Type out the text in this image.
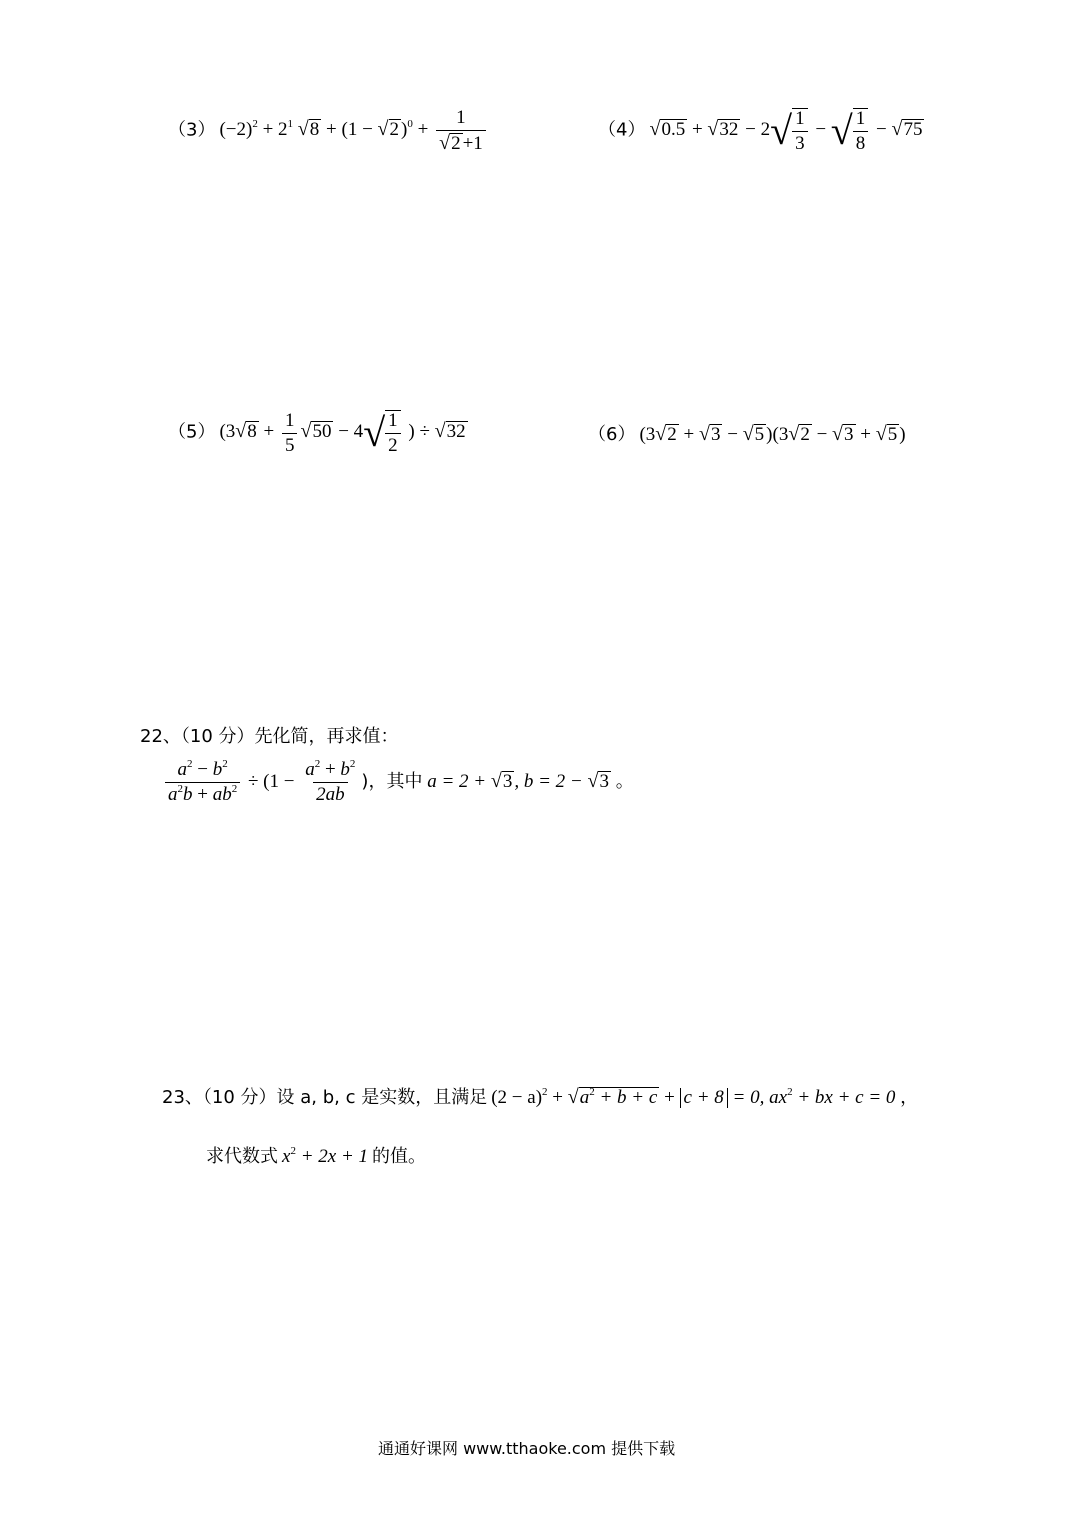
（3） $(-2)^2 + 2^1$ √8 + (1 − √2 )$^0 + \frac{1}{√2 +1}$	（4） $√0.5 + √32 - 2√ \frac{1}{3}$ − √ $\frac{1}{8} - √75$
（5） ($3√8 + \frac{1}{5} √50 - 4√ \frac{1}{2}$ ) ÷ √32	（6） (3√2 + √3 − √5 )(3√2 − √3 + √5 )
22、（10 分）先化简，再求值：
$\frac{a^2 - b^2}{a^2b + ab^2} \div (1 - \frac{a^2 + b^2}{2ab}$ )，其中 a = 2 + √3 , b = 2 − √3 。
23、（10 分）设 a, b, c 是实数，且满足 $(2 - a)^2 + √a^2 + b + c + c + 8 = 0$, $ax^2$ + bx + c = 0 ，
求代数式 $x^2 + 2x + 1$ 的值。
通通好课网 www.tthaoke.com 提供下载
